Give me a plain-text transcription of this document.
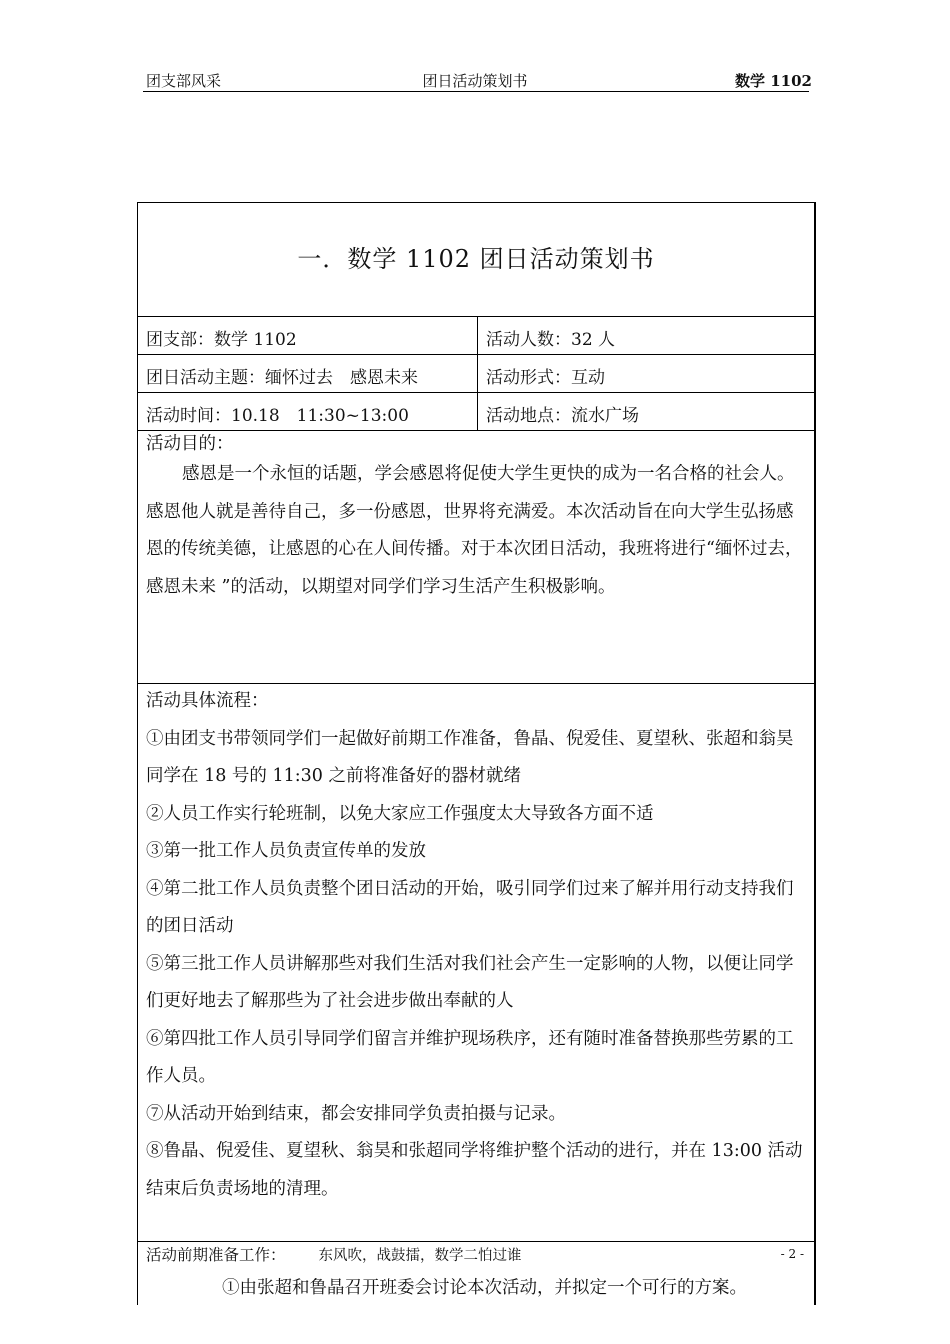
团支部风采	团日活动策划书	数学 1102
一．数学 1102 团日活动策划书
团支部：数学 1102	活动人数：32 人
团日活动主题：缅怀过去　感恩未来	活动形式：互动
活动时间：10.18　11:30~13:00	活动地点：流水广场
活动目的：

感恩是一个永恒的话题，学会感恩将促使大学生更快的成为一名合格的社会人。感恩他人就是善待自己，多一份感恩，世界将充满爱。本次活动旨在向大学生弘扬感恩的传统美德，让感恩的心在人间传播。对于本次团日活动，我班将进行“缅怀过去，感恩未来 ”的活动，以期望对同学们学习生活产生积极影响。

活动具体流程：

①由团支书带领同学们一起做好前期工作准备，鲁晶、倪爱佳、夏望秋、张超和翁昊同学在 18 号的 11:30 之前将准备好的器材就绪

②人员工作实行轮班制，以免大家应工作强度太大导致各方面不适

③第一批工作人员负责宣传单的发放

④第二批工作人员负责整个团日活动的开始，吸引同学们过来了解并用行动支持我们的团日活动

⑤第三批工作人员讲解那些对我们生活对我们社会产生一定影响的人物，以便让同学们更好地去了解那些为了社会进步做出奉献的人

⑥第四批工作人员引导同学们留言并维护现场秩序，还有随时准备替换那些劳累的工作人员。

⑦从活动开始到结束，都会安排同学负责拍摄与记录。

⑧鲁晶、倪爱佳、夏望秋、翁昊和张超同学将维护整个活动的进行，并在 13:00 活动结束后负责场地的清理。

活动前期准备工作： 东风吹，战鼓擂，数学二怕过谁	- 2 -
①由张超和鲁晶召开班委会讨论本次活动，并拟定一个可行的方案。
